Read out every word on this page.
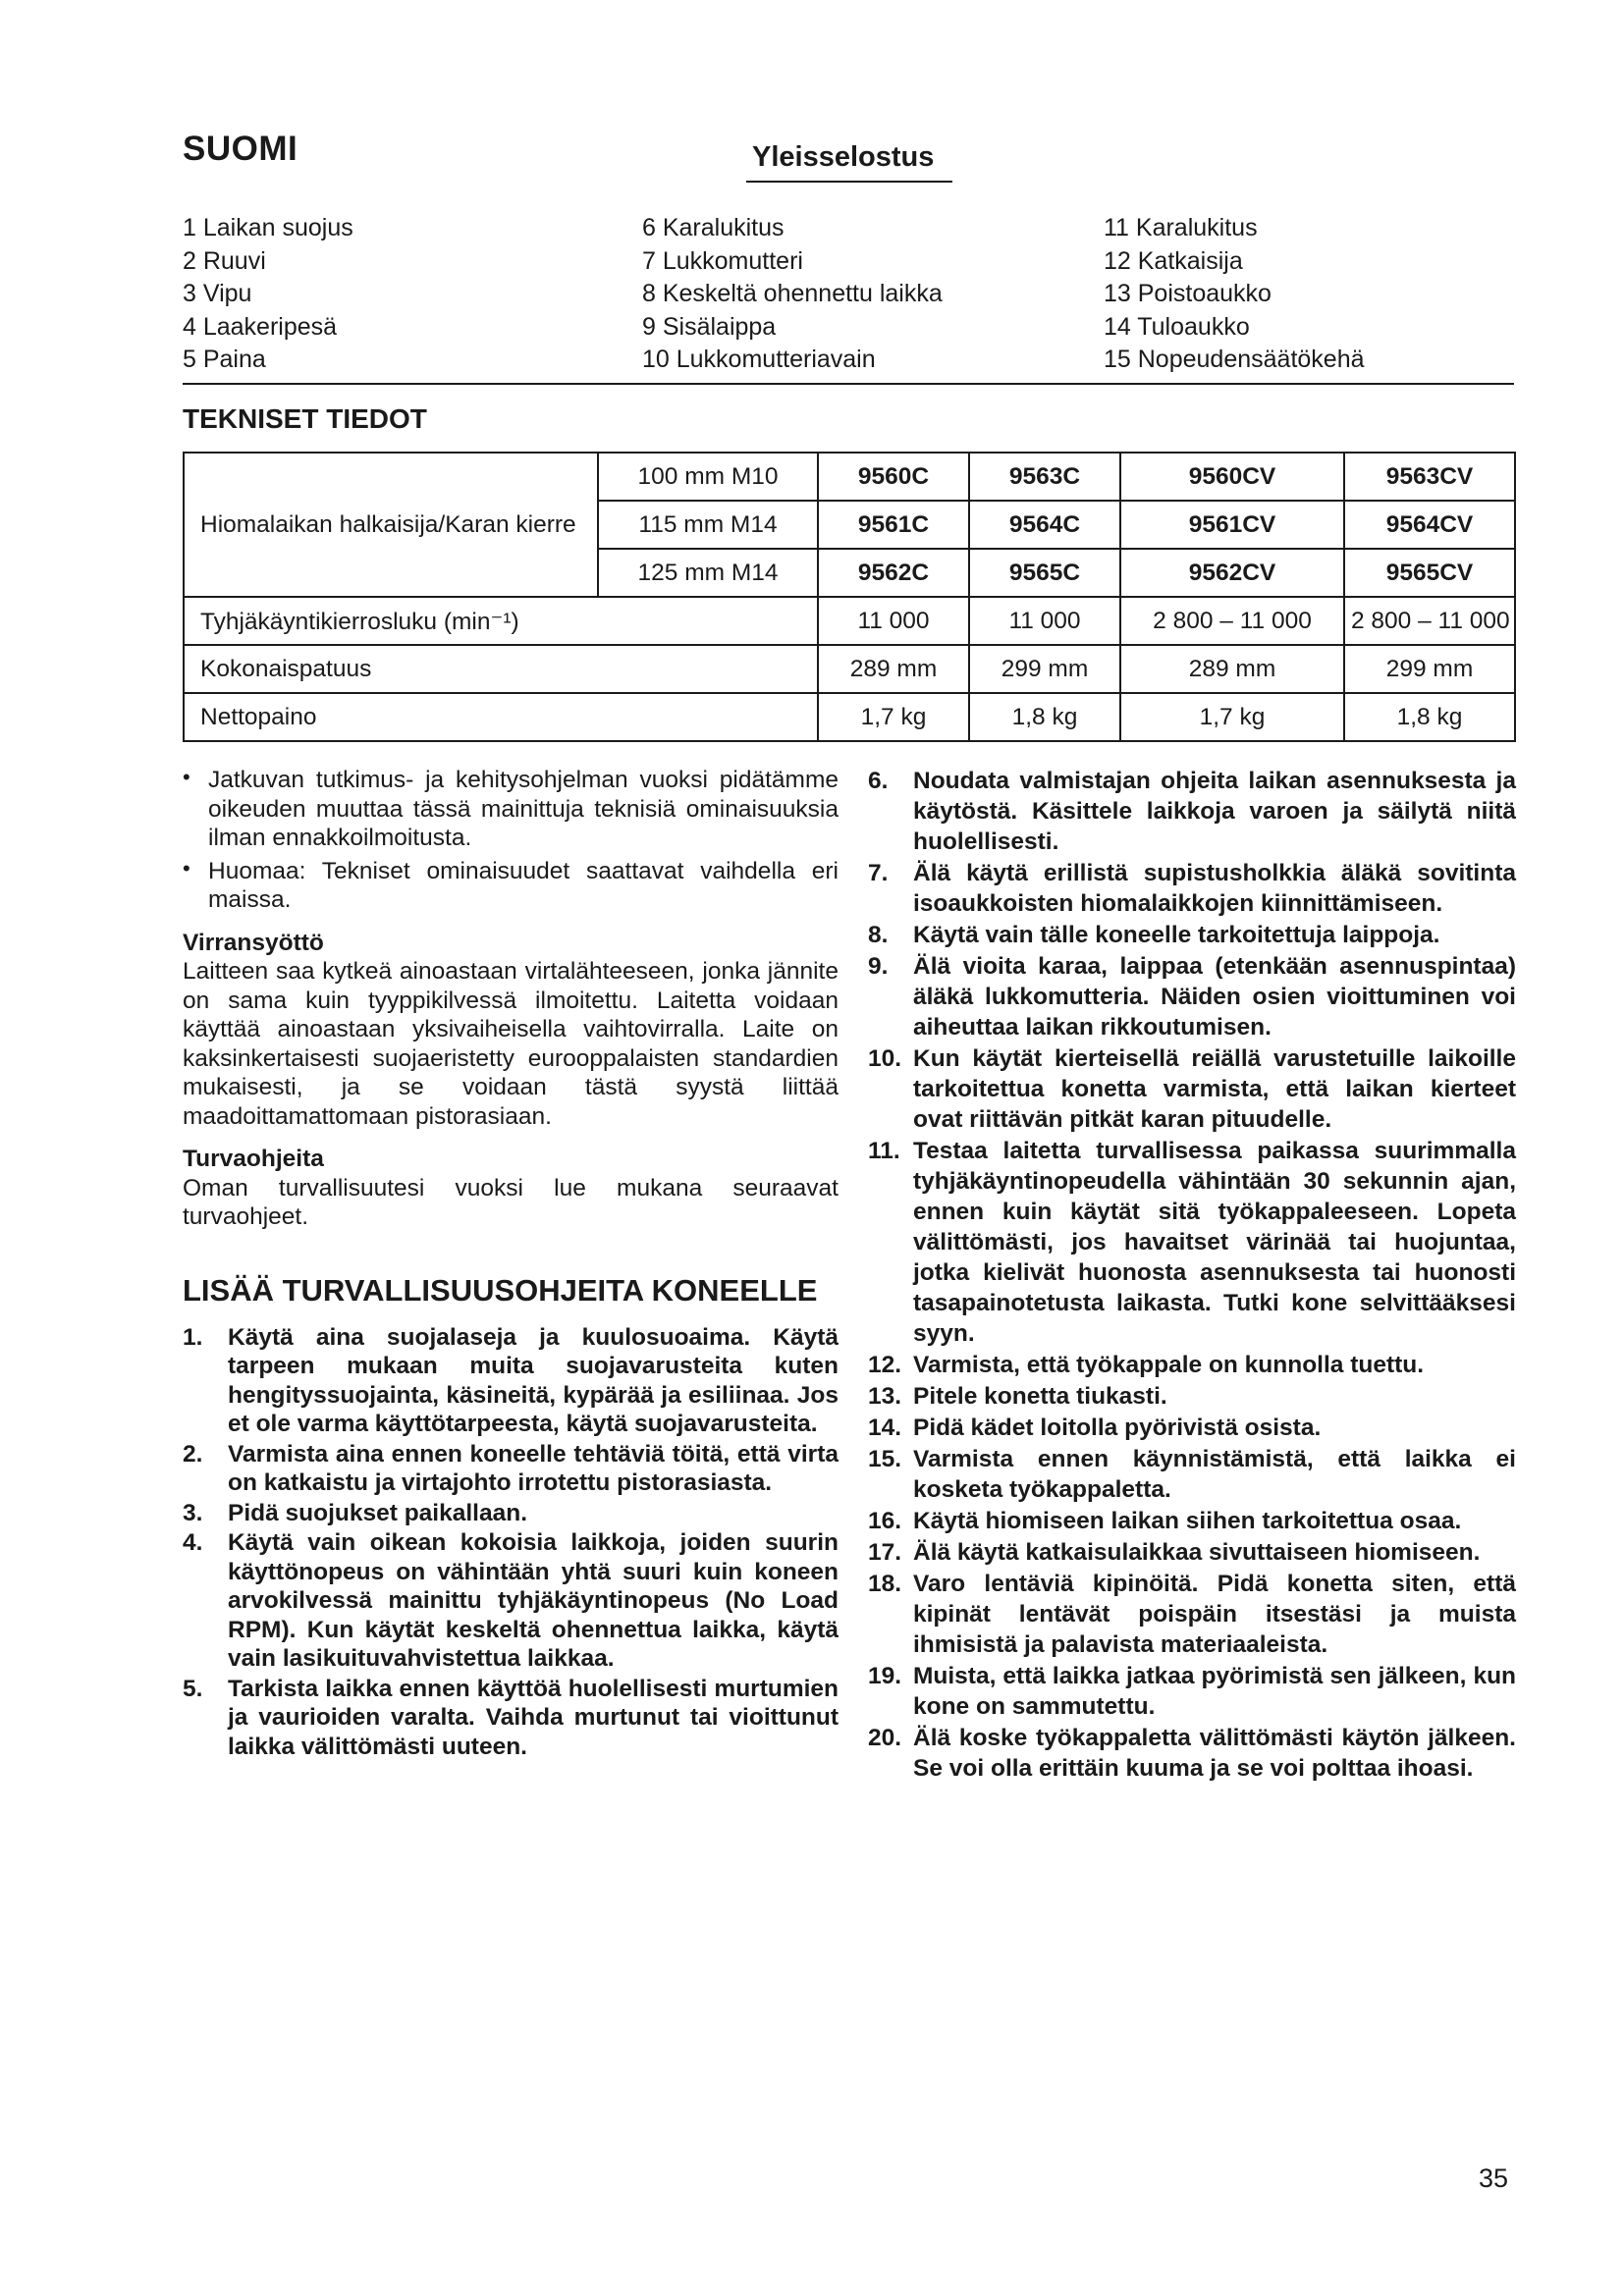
SUOMI	Yleisselostus
1 Laikan suojus
2 Ruuvi
3 Vipu
4 Laakeripesä
5 Paina
6 Karalukitus
7 Lukkomutteri
8 Keskeltä ohennettu laikka
9 Sisälaippa
10 Lukkomutteriavain
11 Karalukitus
12 Katkaisija
13 Poistoaukko
14 Tuloaukko
15 Nopeudensäätökehä
TEKNISET TIEDOT
Hiomalaikan halkaisija/Karan kierre	100 mm M10	9560C	9563C	9560CV	9563CV
	115 mm M14	9561C	9564C	9561CV	9564CV
	125 mm M14	9562C	9565C	9562CV	9565CV
Tyhjäkäyntikierrosluku (min⁻¹)		11 000	11 000	2 800 – 11 000	2 800 – 11 000
Kokonaispatuus		289 mm	299 mm	289 mm	299 mm
Nettopaino		1,7 kg	1,8 kg	1,7 kg	1,8 kg
• Jatkuvan tutkimus- ja kehitysohjelman vuoksi pidätämme oikeuden muuttaa tässä mainittuja teknisiä ominaisuuksia ilman ennakkoilmoitusta.
• Huomaa: Tekniset ominaisuudet saattavat vaihdella eri maissa.
Virransyöttö
Laitteen saa kytkeä ainoastaan virtalähteeseen, jonka jännite on sama kuin tyyppikilvessä ilmoitettu. Laitetta voidaan käyttää ainoastaan yksivaiheisella vaihtovirralla. Laite on kaksinkertaisesti suojaeristetty eurooppalaisten standardien mukaisesti, ja se voidaan tästä syystä liittää maadoittamattomaan pistorasiaan.
Turvaohjeita
Oman turvallisuutesi vuoksi lue mukana seuraavat turvaohjeet.
LISÄÄ TURVALLISUUSOHJEITA KONEELLE
1. Käytä aina suojalaseja ja kuulosuoaima. Käytä tarpeen mukaan muita suojavarusteita kuten hengityssuojainta, käsineitä, kypärää ja esiliinaa. Jos et ole varma käyttötarpeesta, käytä suojavarusteita.
2. Varmista aina ennen koneelle tehtäviä töitä, että virta on katkaistu ja virtajohto irrotettu pistorasiasta.
3. Pidä suojukset paikallaan.
4. Käytä vain oikean kokoisia laikkoja, joiden suurin käyttönopeus on vähintään yhtä suuri kuin koneen arvokilvessä mainittu tyhjäkäyntinopeus (No Load RPM). Kun käytät keskeltä ohennettua laikka, käytä vain lasikuituvahvistettua laikkaa.
5. Tarkista laikka ennen käyttöä huolellisesti murtumien ja vaurioiden varalta. Vaihda murtunut tai vioittunut laikka välittömästi uuteen.
6. Noudata valmistajan ohjeita laikan asennuksesta ja käytöstä. Käsittele laikkoja varoen ja säilytä niitä huolellisesti.
7. Älä käytä erillistä supistusholkkia äläkä sovitinta isoaukkoisten hiomalaikkojen kiinnittämiseen.
8. Käytä vain tälle koneelle tarkoitettuja laippoja.
9. Älä vioita karaa, laippaa (etenkään asennuspintaa) äläkä lukkomutteria. Näiden osien vioittuminen voi aiheuttaa laikan rikkoutumisen.
10. Kun käytät kierteisellä reiällä varustetuille laikoille tarkoitettua konetta varmista, että laikan kierteet ovat riittävän pitkät karan pituudelle.
11. Testaa laitetta turvallisessa paikassa suurimmalla tyhjäkäyntinopeudella vähintään 30 sekunnin ajan, ennen kuin käytät sitä työkappaleeseen. Lopeta välittömästi, jos havaitset värinää tai huojuntaa, jotka kielivät huonosta asennuksesta tai huonosti tasapainotetusta laikasta. Tutki kone selvittääksesi syyn.
12. Varmista, että työkappale on kunnolla tuettu.
13. Pitele konetta tiukasti.
14. Pidä kädet loitolla pyörivistä osista.
15. Varmista ennen käynnistämistä, että laikka ei kosketa työkappaletta.
16. Käytä hiomiseen laikan siihen tarkoitettua osaa.
17. Älä käytä katkaisulaikkaa sivuttaiseen hiomiseen.
18. Varo lentäviä kipinöitä. Pidä konetta siten, että kipinät lentävät poispäin itsestäsi ja muista ihmisistä ja palavista materiaaleista.
19. Muista, että laikka jatkaa pyörimistä sen jälkeen, kun kone on sammutettu.
20. Älä koske työkappaletta välittömästi käytön jälkeen. Se voi olla erittäin kuuma ja se voi polttaa ihoasi.
35
